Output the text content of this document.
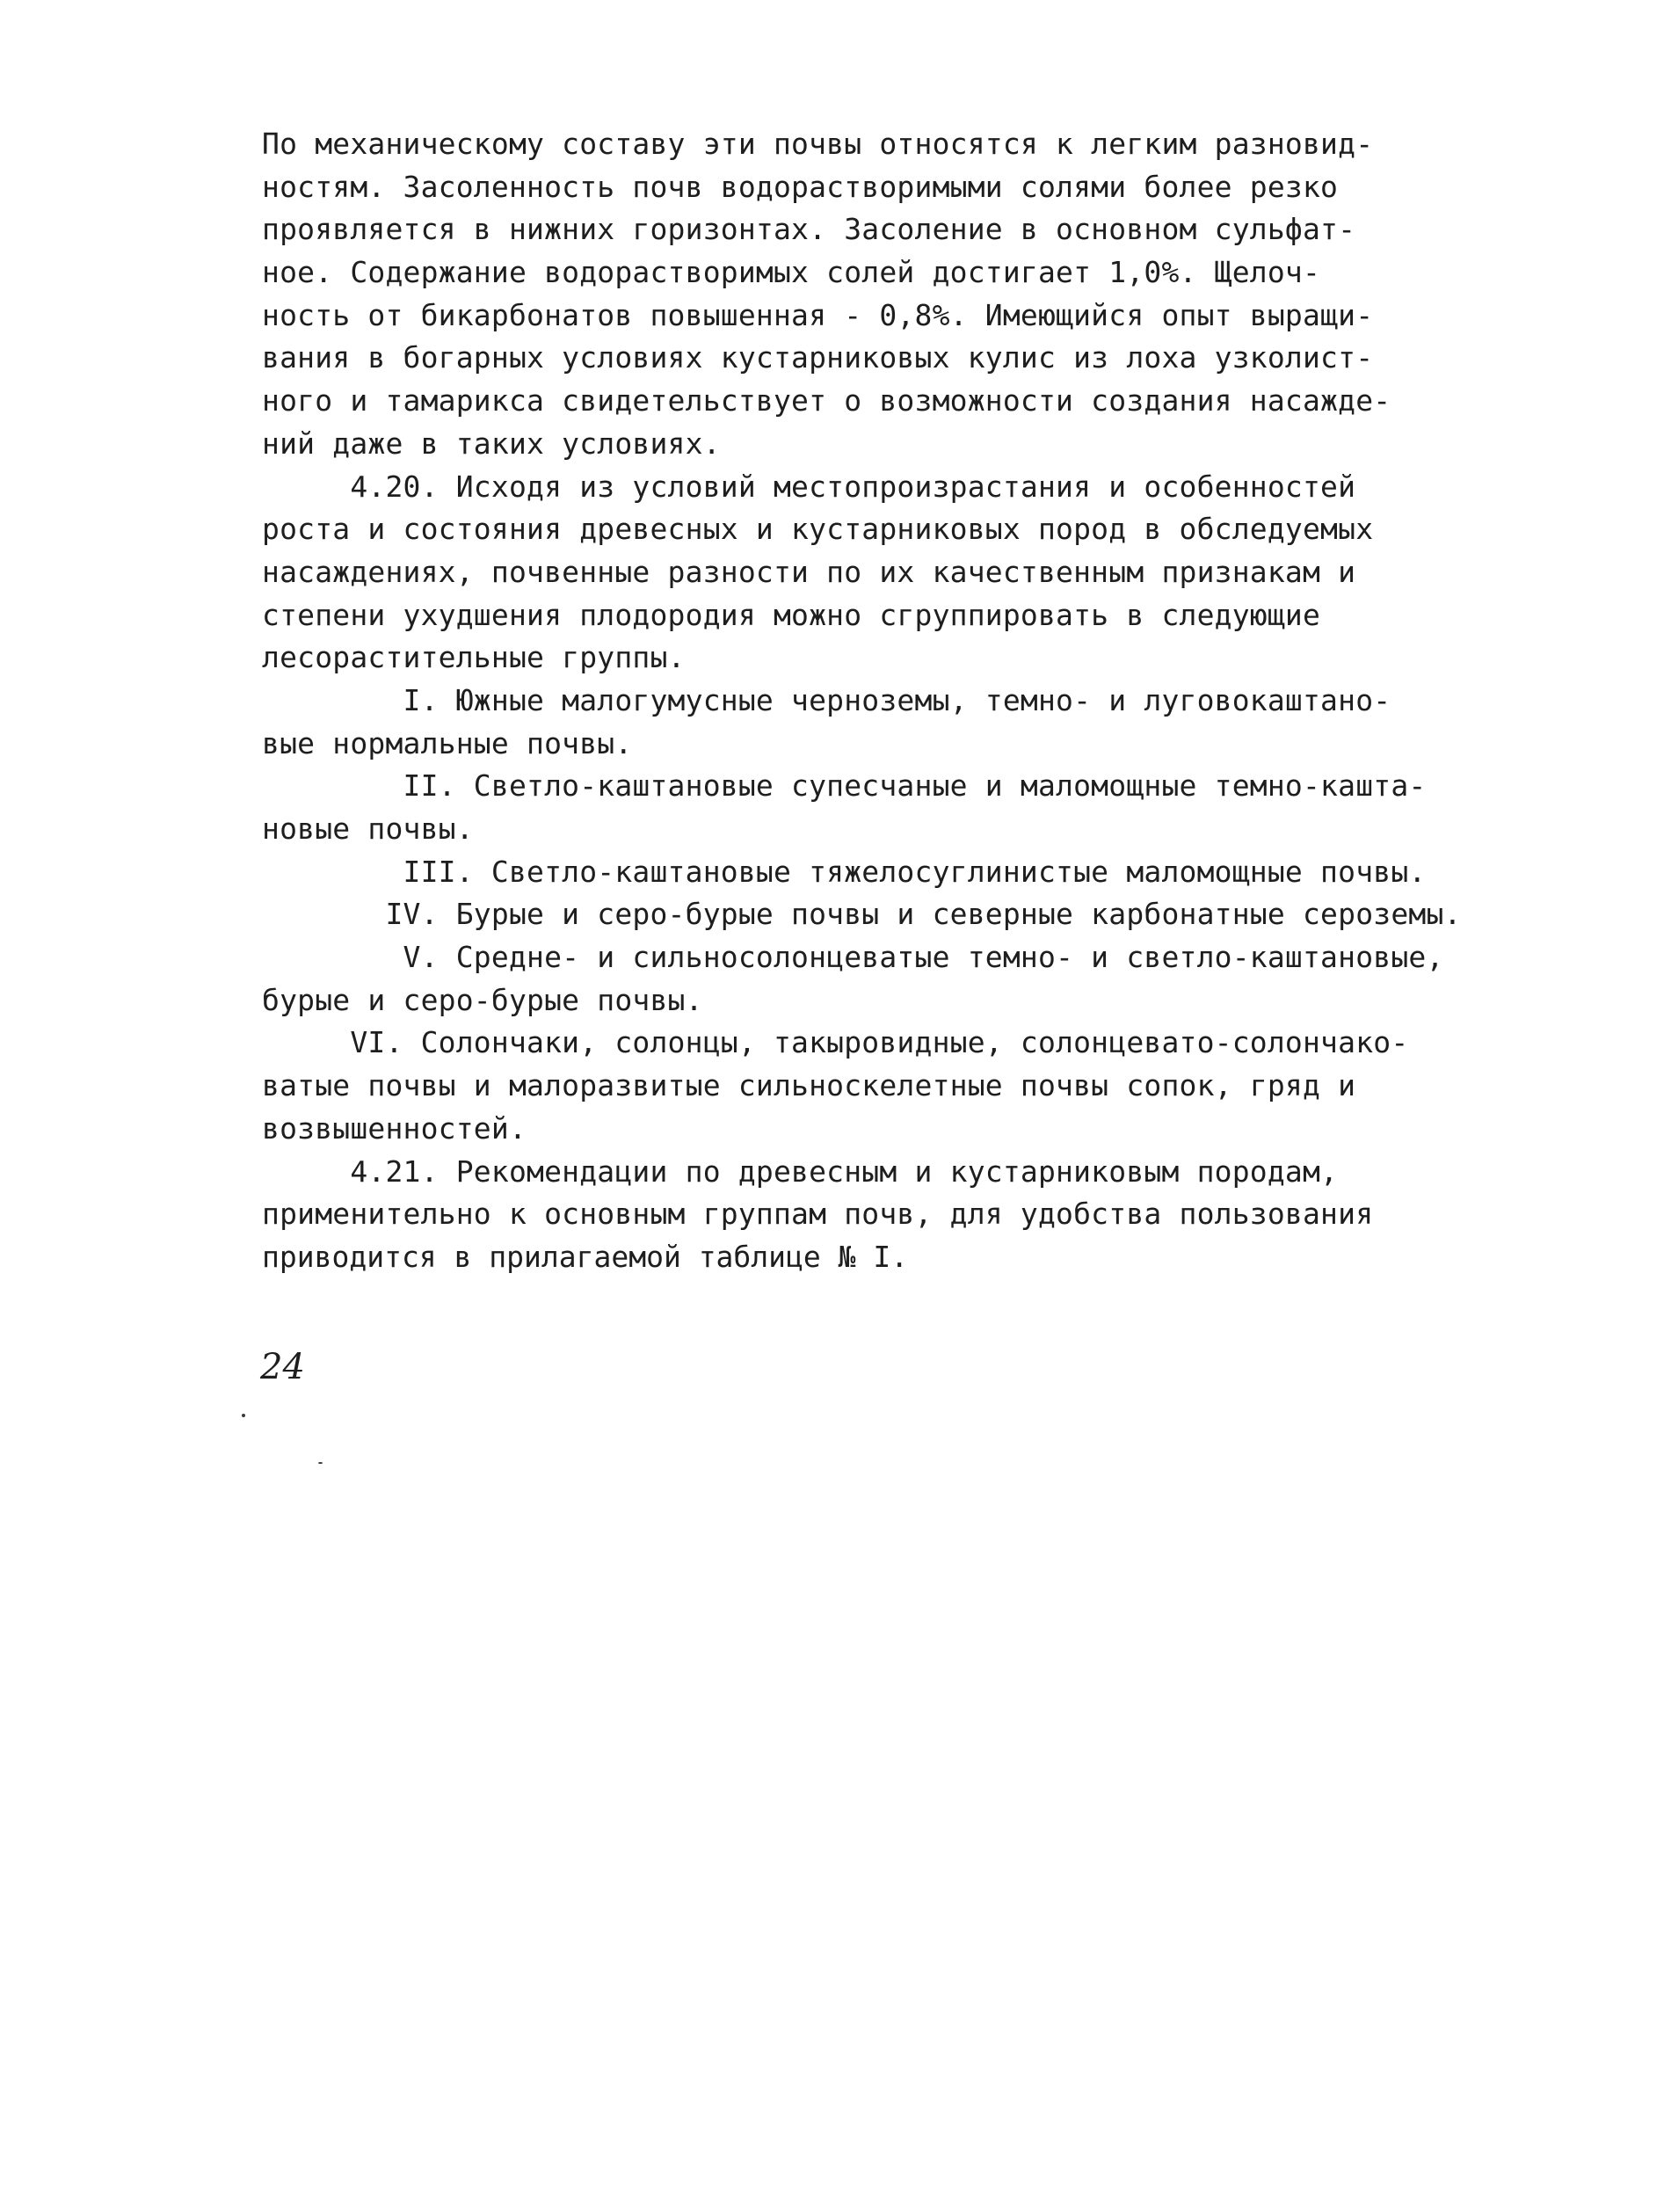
По механическому составу эти почвы относятся к легким разновид-
ностям. Засоленность почв водорастворимыми солями более резко
проявляется в нижних горизонтах. Засоление в основном сульфат-
ное. Содержание водорастворимых солей достигает 1,0%. Щелоч-
ность от бикарбонатов повышенная - 0,8%. Имеющийся опыт выращи-
вания в богарных условиях кустарниковых кулис из лоха узколист-
ного и тамарикса свидетельствует о возможности создания насажде-
ний даже в таких условиях.
4.20. Исходя из условий местопроизрастания и особенностей
роста и состояния древесных и кустарниковых пород в обследуемых
насаждениях, почвенные разности по их качественным признакам и
степени ухудшения плодородия можно сгруппировать в следующие
лесорастительные группы.
I. Южные малогумусные черноземы, темно- и луговокаштано-
вые нормальные почвы.
II. Светло-каштановые супесчаные и маломощные темно-кашта-
новые почвы.
III. Светло-каштановые тяжелосуглинистые маломощные почвы.
IV. Бурые и серо-бурые почвы и северные карбонатные сероземы.
V. Средне- и сильносолонцеватые темно- и светло-каштановые,
бурые и серо-бурые почвы.
VI. Солончаки, солонцы, такыровидные, солонцевато-солончако-
ватые почвы и малоразвитые сильноскелетные почвы сопок, гряд и
возвышенностей.
4.21. Рекомендации по древесным и кустарниковым породам,
применительно к основным группам почв, для удобства пользования
приводится в прилагаемой таблице № I.
24
